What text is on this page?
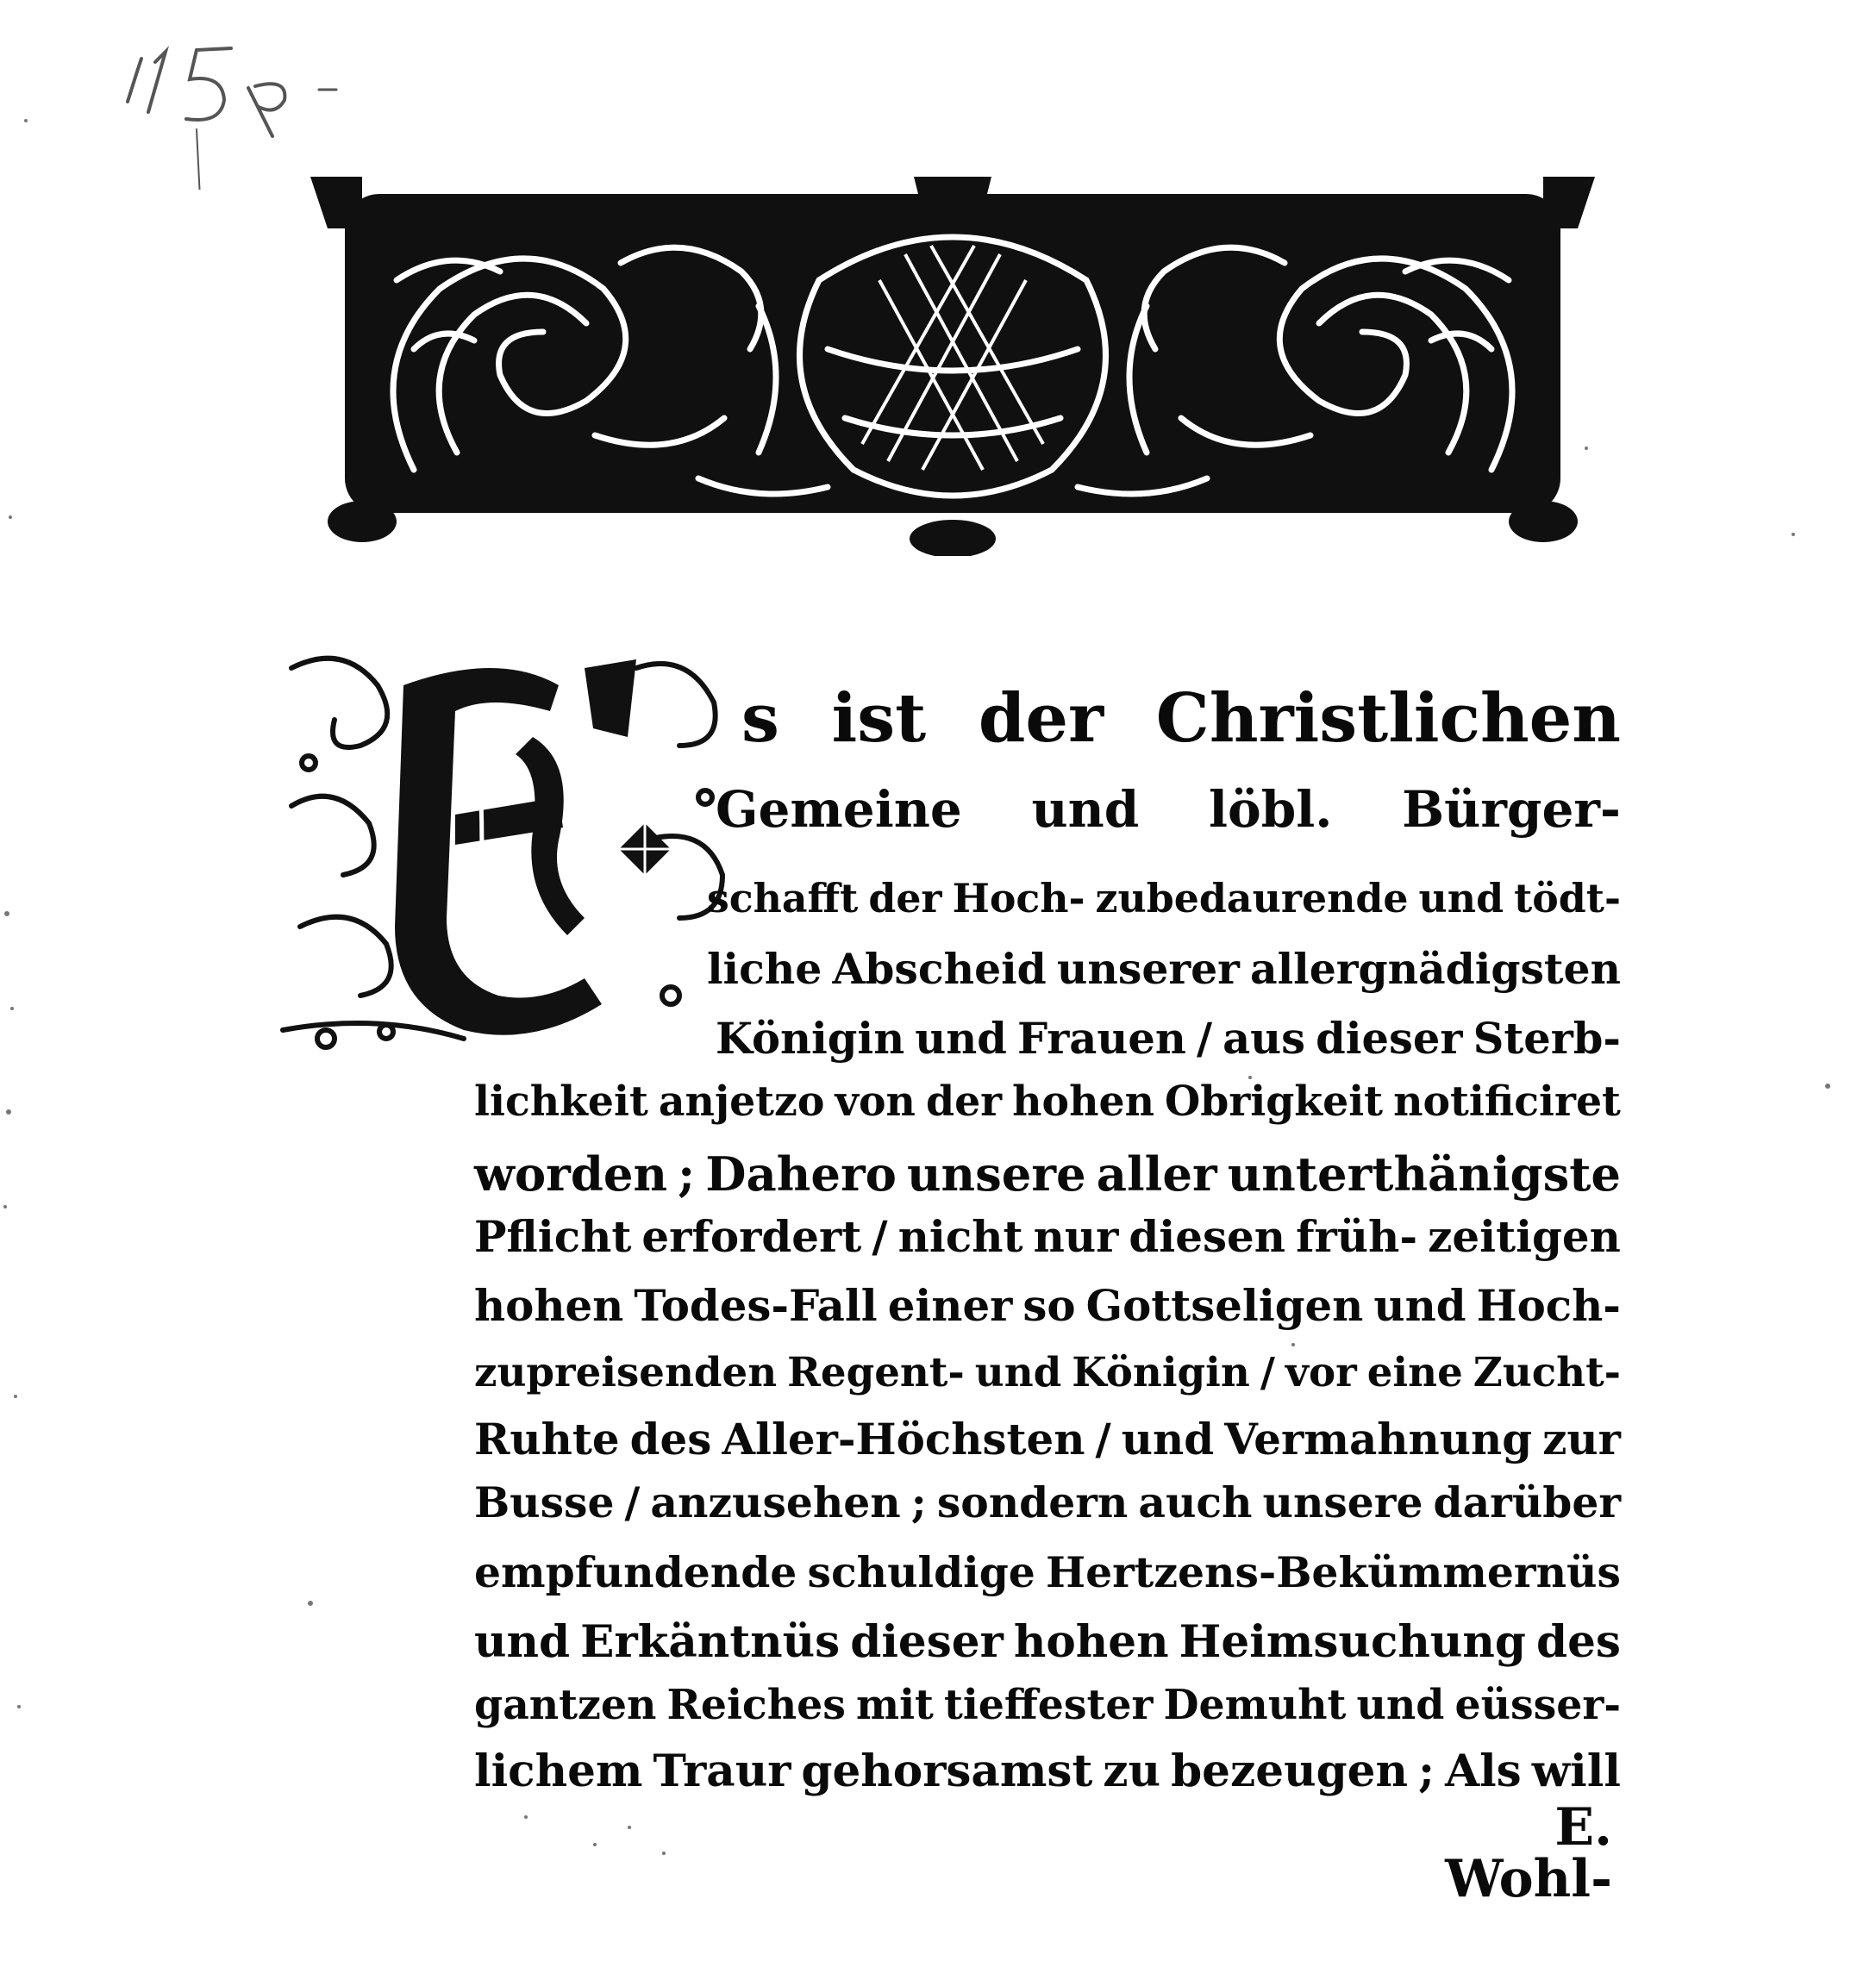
s ist der Christlichen
Gemeine und löbl. Bürger-
schafft der Hoch- zubedaurende und tödt-
liche Abscheid unserer allergnädigsten
Königin und Frauen / aus dieser Sterb-
lichkeit anjetzo von der hohen Obrigkeit notificiret
worden ; Dahero unsere aller unterthänigste
Pflicht erfordert / nicht nur diesen früh- zeitigen
hohen Todes-Fall einer so Gottseligen und Hoch-
zupreisenden Regent- und Königin / vor eine Zucht-
Ruhte des Aller-Höchsten / und Vermahnung zur
Busse / anzusehen ; sondern auch unsere darüber
empfundende schuldige Hertzens-Bekümmernüs
und Erkäntnüs dieser hohen Heimsuchung des
gantzen Reiches mit tieffester Demuht und eüsser-
lichem Traur gehorsamst zu bezeugen ; Als will
E. Wohl-
